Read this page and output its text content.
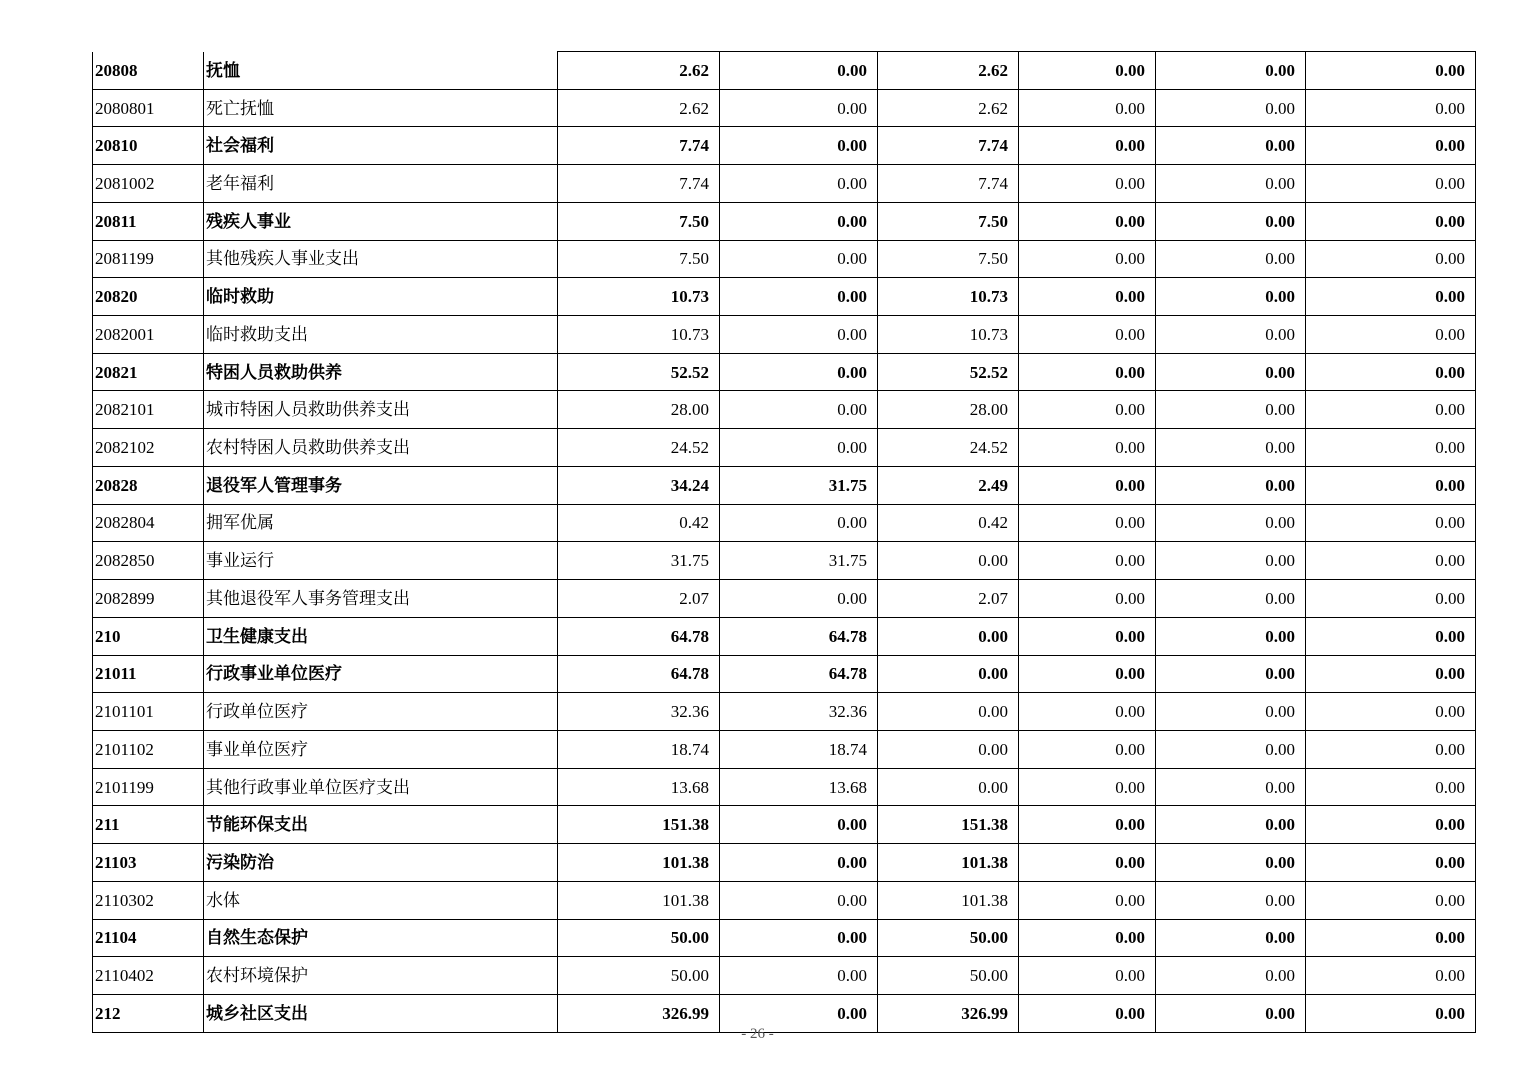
20808	抚恤	2.62	0.00	2.62	0.00	0.00	0.00
2080801	死亡抚恤	2.62	0.00	2.62	0.00	0.00	0.00
20810	社会福利	7.74	0.00	7.74	0.00	0.00	0.00
2081002	老年福利	7.74	0.00	7.74	0.00	0.00	0.00
20811	残疾人事业	7.50	0.00	7.50	0.00	0.00	0.00
2081199	其他残疾人事业支出	7.50	0.00	7.50	0.00	0.00	0.00
20820	临时救助	10.73	0.00	10.73	0.00	0.00	0.00
2082001	临时救助支出	10.73	0.00	10.73	0.00	0.00	0.00
20821	特困人员救助供养	52.52	0.00	52.52	0.00	0.00	0.00
2082101	城市特困人员救助供养支出	28.00	0.00	28.00	0.00	0.00	0.00
2082102	农村特困人员救助供养支出	24.52	0.00	24.52	0.00	0.00	0.00
20828	退役军人管理事务	34.24	31.75	2.49	0.00	0.00	0.00
2082804	拥军优属	0.42	0.00	0.42	0.00	0.00	0.00
2082850	事业运行	31.75	31.75	0.00	0.00	0.00	0.00
2082899	其他退役军人事务管理支出	2.07	0.00	2.07	0.00	0.00	0.00
210	卫生健康支出	64.78	64.78	0.00	0.00	0.00	0.00
21011	行政事业单位医疗	64.78	64.78	0.00	0.00	0.00	0.00
2101101	行政单位医疗	32.36	32.36	0.00	0.00	0.00	0.00
2101102	事业单位医疗	18.74	18.74	0.00	0.00	0.00	0.00
2101199	其他行政事业单位医疗支出	13.68	13.68	0.00	0.00	0.00	0.00
211	节能环保支出	151.38	0.00	151.38	0.00	0.00	0.00
21103	污染防治	101.38	0.00	101.38	0.00	0.00	0.00
2110302	水体	101.38	0.00	101.38	0.00	0.00	0.00
21104	自然生态保护	50.00	0.00	50.00	0.00	0.00	0.00
2110402	农村环境保护	50.00	0.00	50.00	0.00	0.00	0.00
212	城乡社区支出	326.99	0.00	326.99	0.00	0.00	0.00
- 26 -
